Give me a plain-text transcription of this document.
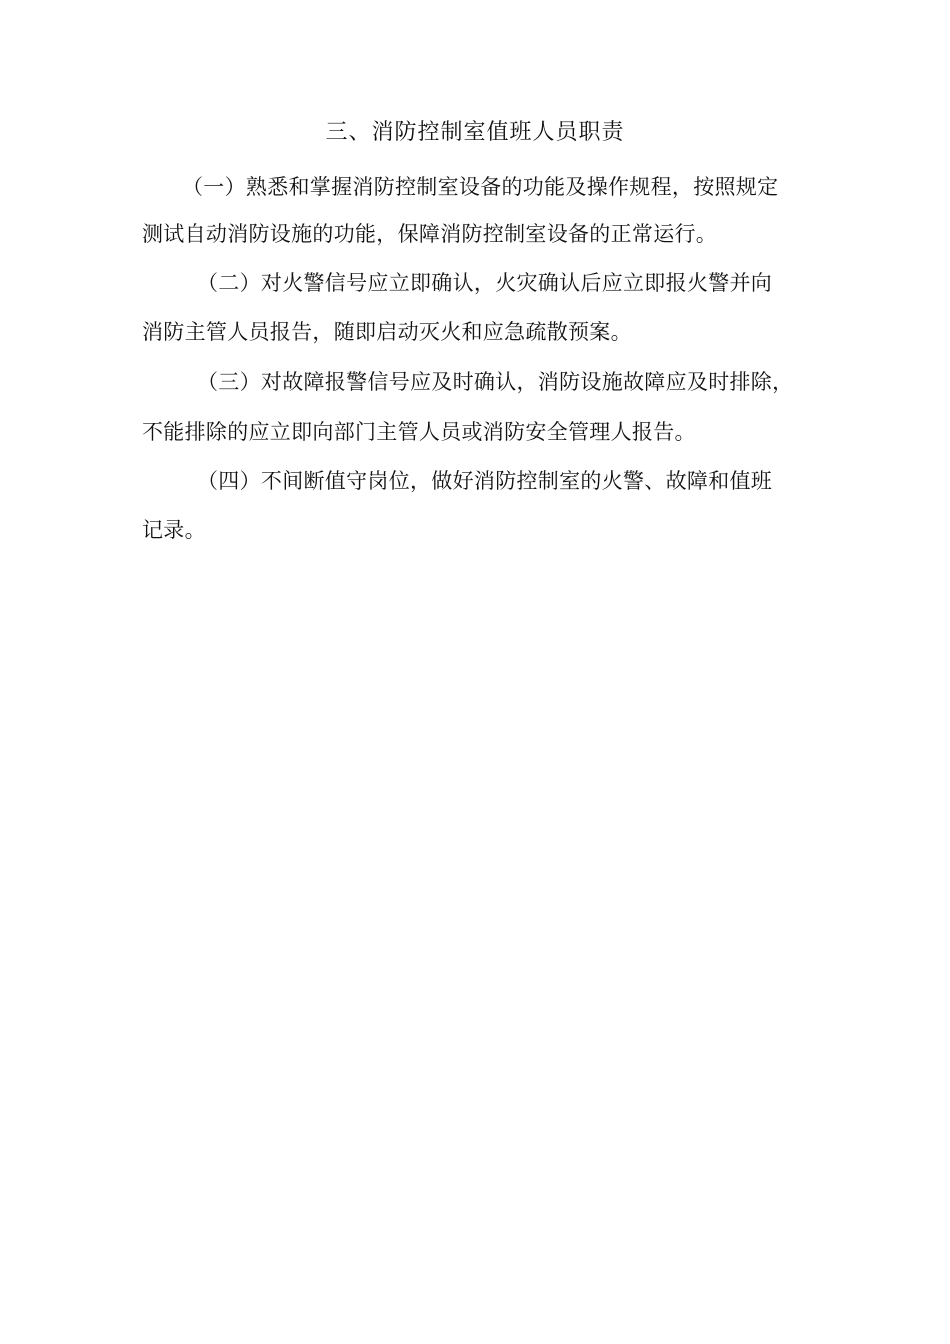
三、消防控制室值班人员职责
（一）熟悉和掌握消防控制室设备的功能及操作规程，按照规定
测试自动消防设施的功能，保障消防控制室设备的正常运行。
（二）对火警信号应立即确认，火灾确认后应立即报火警并向
消防主管人员报告，随即启动灭火和应急疏散预案。
（三）对故障报警信号应及时确认，消防设施故障应及时排除，
不能排除的应立即向部门主管人员或消防安全管理人报告。
（四）不间断值守岗位，做好消防控制室的火警、故障和值班
记录。
